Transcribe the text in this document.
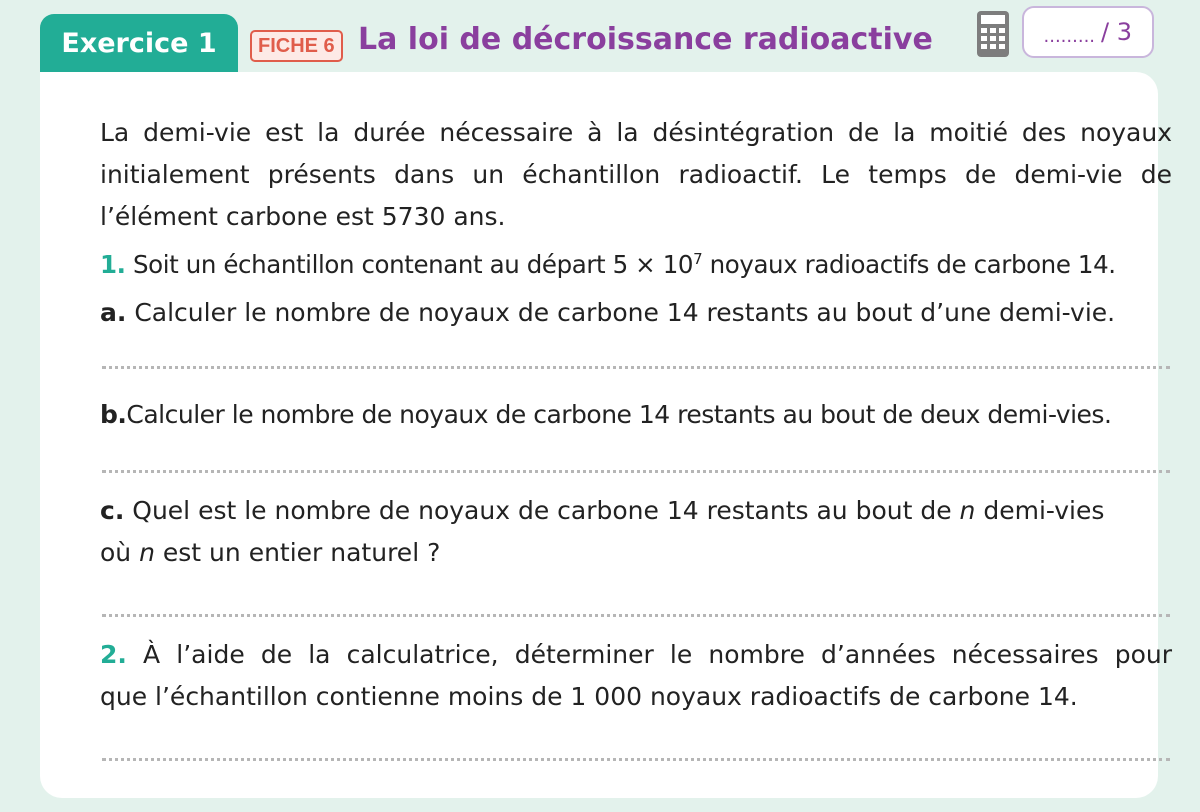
Exercice 1 FICHE 6 La loi de décroissance radioactive	......... / 3
La demi-vie est la durée nécessaire à la désintégration de la moitié des noyaux
initialement présents dans un échantillon radioactif. Le temps de demi-vie de
l’élément carbone est 5730 ans.
1. Soit un échantillon contenant au départ $5 \times 10^7$ noyaux radioactifs de carbone 14.
a. Calculer le nombre de noyaux de carbone 14 restants au bout d’une demi-vie.
b.Calculer le nombre de noyaux de carbone 14 restants au bout de deux demi-vies.
c. Quel est le nombre de noyaux de carbone 14 restants au bout de n demi-vies
où n est un entier naturel ?
2. À l’aide de la calculatrice, déterminer le nombre d’années nécessaires pour
que l’échantillon contienne moins de 1 000 noyaux radioactifs de carbone 14.
